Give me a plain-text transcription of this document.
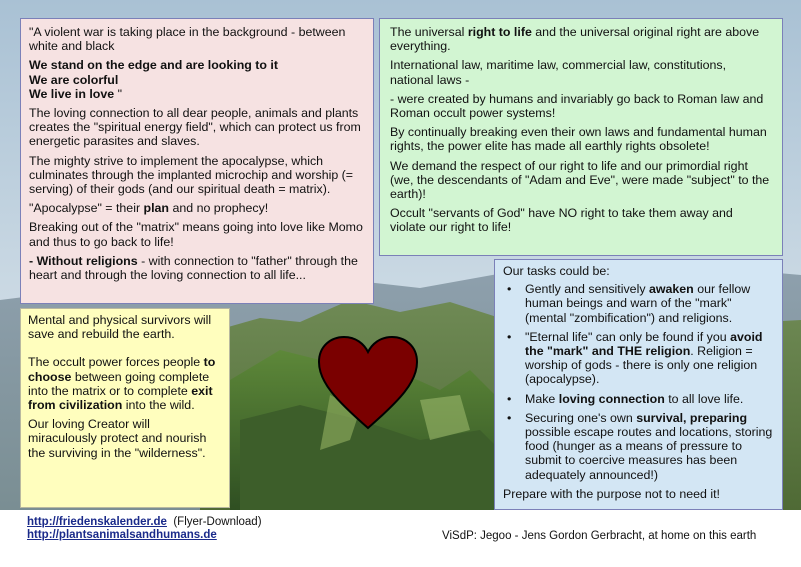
"A violent war is taking place in the background - between white and black

We stand on the edge and are looking to it
We are colorful
We live in love "

The loving connection to all dear people, animals and plants creates the "spiritual energy field", which can protect us from energetic parasites and slaves.

The mighty strive to implement the apocalypse, which culminates through the implanted microchip and worship (= serving) of their gods (and our spiritual death = matrix).

"Apocalypse" = their plan and no prophecy!

Breaking out of the "matrix" means going into love like Momo and thus to go back to life!

- Without religions - with connection to "father" through the heart and through the loving connection to all life...

The universal right to life and the universal original right are above everything.

International law, maritime law, commercial law, constitutions, national laws -

- were created by humans and invariably go back to Roman law and Roman occult power systems!

By continually breaking even their own laws and fundamental human rights, the power elite has made all earthly rights obsolete!

We demand the respect of our right to life and our primordial right (we, the descendants of "Adam and Eve", were made "subject" to the earth)!

Occult "servants of God" have NO right to take them away and violate our right to life!

Mental and physical survivors will save and rebuild the earth.

The occult power forces people to choose between going complete into the matrix or to complete exit from civilization into the wild.

Our loving Creator will miraculously protect and nourish the surviving in the "wilderness".

Our tasks could be:
• Gently and sensitively awaken our fellow human beings and warn of the "mark" (mental "zombification") and religions.
• "Eternal life" can only be found if you avoid the "mark" and THE religion. Religion = worship of gods - there is only one religion (apocalypse).
• Make loving connection to all love life.
• Securing one's own survival, preparing possible escape routes and locations, storing food (hunger as a means of pressure to submit to coercive measures has been adequately announced!)
Prepare with the purpose not to need it!
http://friedenskalender.de  (Flyer-Download)
http://plantsanimalsandhumans.de	ViSdP: Jegoo - Jens Gordon Gerbracht, at home on this earth
